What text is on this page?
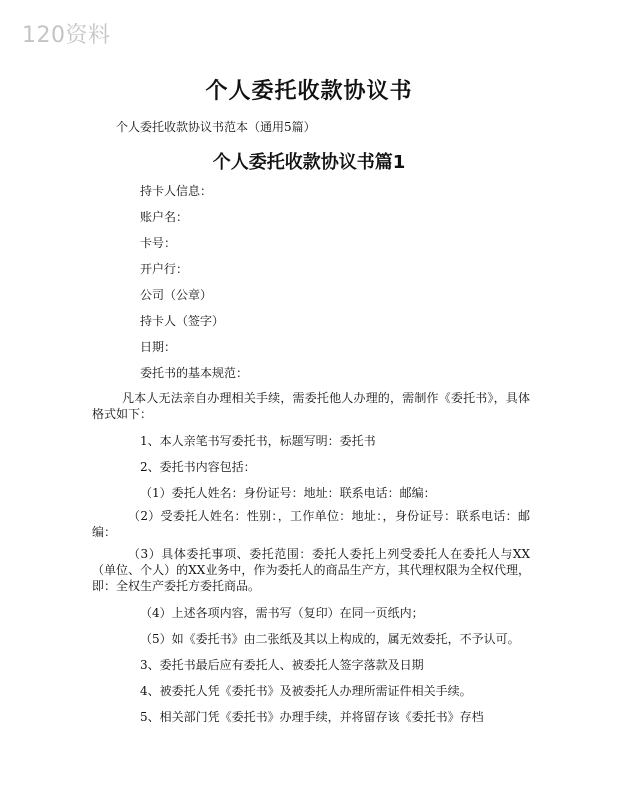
120资料
个人委托收款协议书
个人委托收款协议书范本（通用5篇）
个人委托收款协议书篇1
持卡人信息：
账户名：
卡号：
开户行：
公司（公章）
持卡人（签字）
日期：
委托书的基本规范：

凡本人无法亲自办理相关手续，需委托他人办理的，需制作《委托书》，具体格式如下：

1、本人亲笔书写委托书，标题写明：委托书
2、委托书内容包括：
（1）委托人姓名：身份证号：地址：联系电话：邮编：

（2）受委托人姓名：性别：，工作单位：地址：，身份证号：联系电话：邮编：

（3）具体委托事项、委托范围：委托人委托上列受委托人在委托人与XX（单位、个人）的XX业务中，作为委托人的商品生产方，其代理权限为全权代理，即：全权生产委托方委托商品。

（4）上述各项内容，需书写（复印）在同一页纸内；
（5）如《委托书》由二张纸及其以上构成的，属无效委托，不予认可。
3、委托书最后应有委托人、被委托人签字落款及日期
4、被委托人凭《委托书》及被委托人办理所需证件相关手续。
5、相关部门凭《委托书》办理手续，并将留存该《委托书》存档
